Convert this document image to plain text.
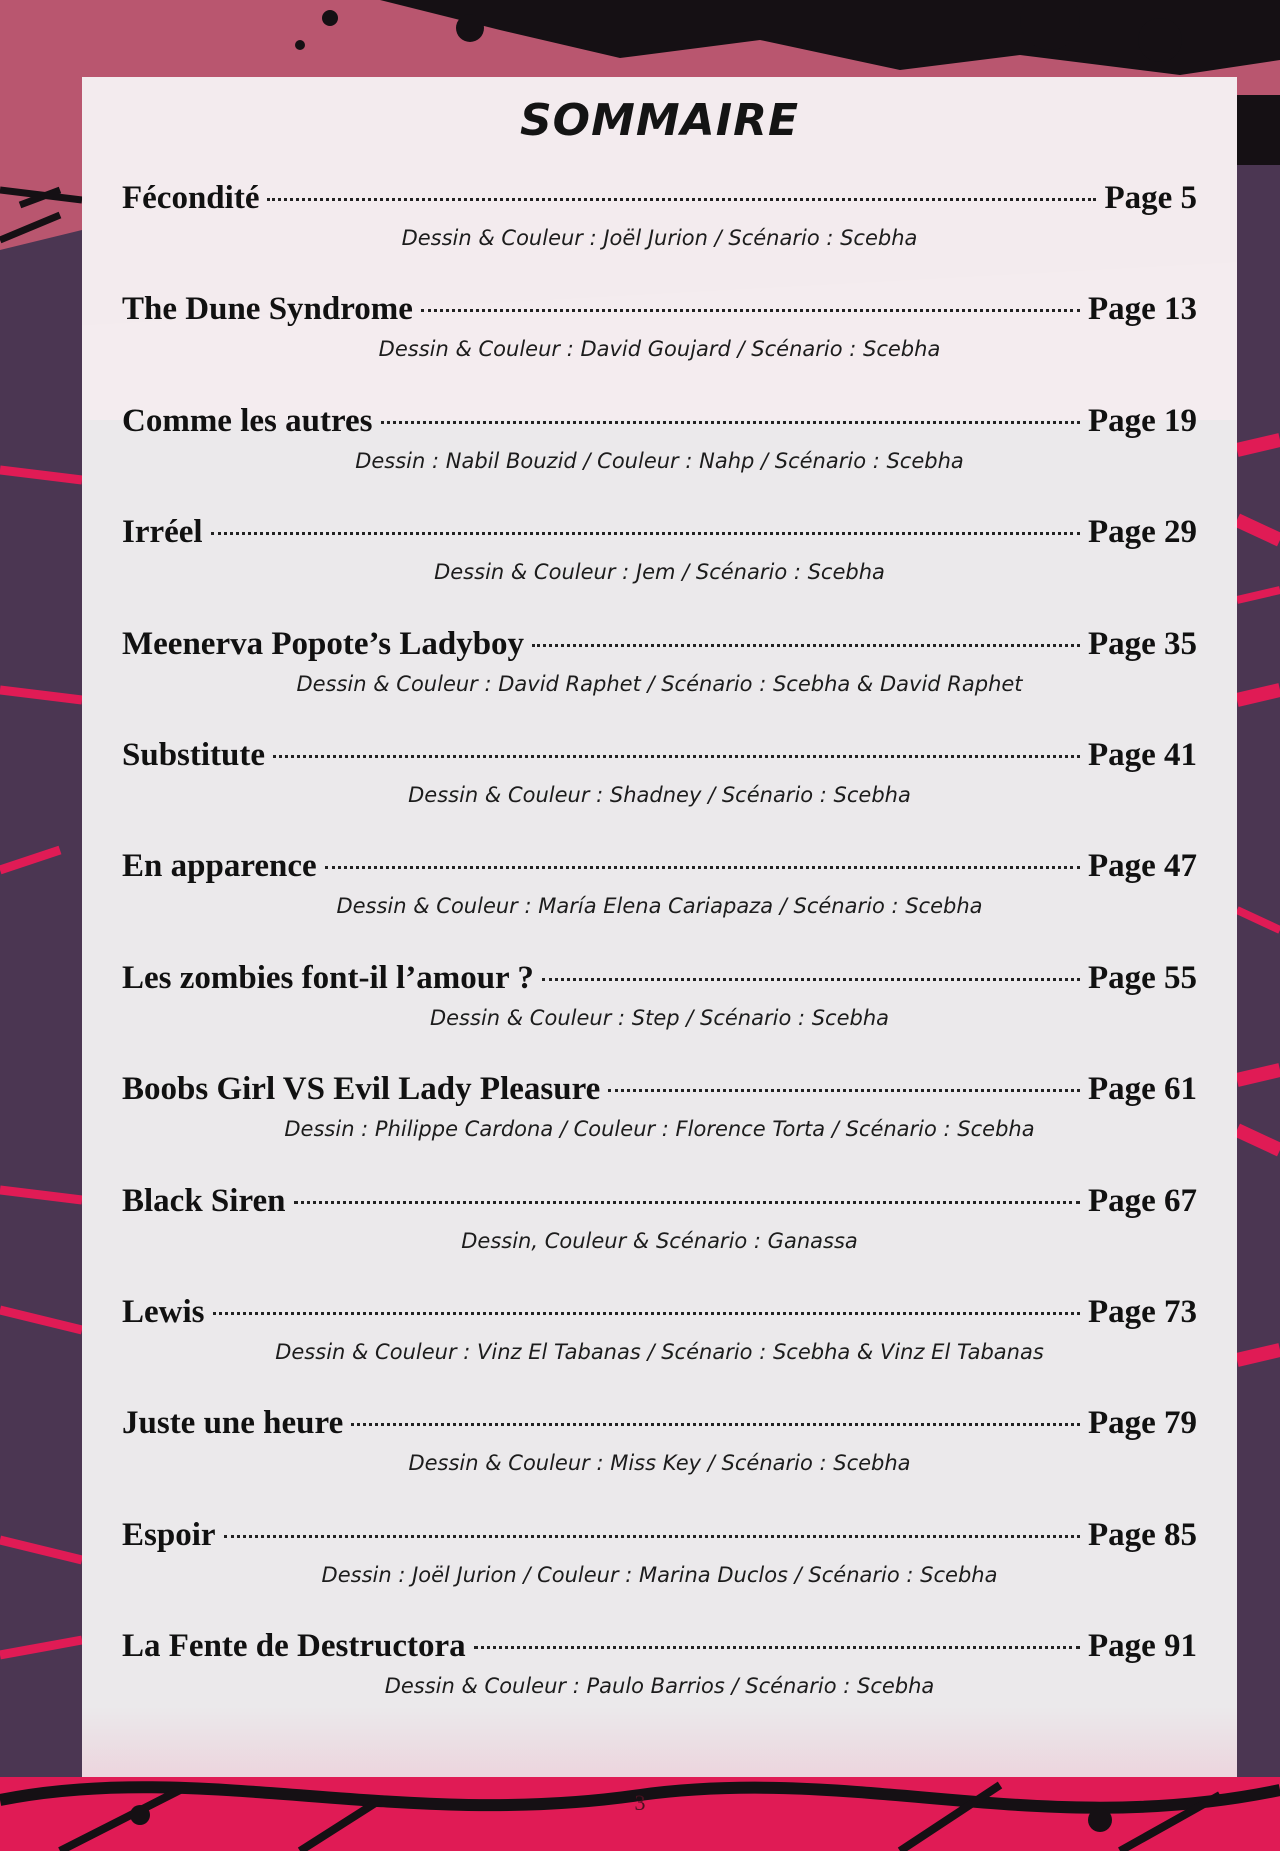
SOMMAIRE
Fécondité	Page 5
Dessin & Couleur : Joël Jurion / Scénario : Scebha
The Dune Syndrome	Page 13
Dessin & Couleur : David Goujard / Scénario : Scebha
Comme les autres	Page 19
Dessin : Nabil Bouzid / Couleur : Nahp / Scénario : Scebha
Irréel	Page 29
Dessin & Couleur : Jem / Scénario : Scebha
Meenerva Popote’s Ladyboy	Page 35
Dessin & Couleur : David Raphet / Scénario : Scebha & David Raphet
Substitute	Page 41
Dessin & Couleur : Shadney / Scénario : Scebha
En apparence	Page 47
Dessin & Couleur : María Elena Cariapaza / Scénario : Scebha
Les zombies font-il l’amour ?	Page 55
Dessin & Couleur : Step / Scénario : Scebha
Boobs Girl VS Evil Lady Pleasure	Page 61
Dessin : Philippe Cardona / Couleur : Florence Torta / Scénario : Scebha
Black Siren	Page 67
Dessin, Couleur & Scénario : Ganassa
Lewis	Page 73
Dessin & Couleur : Vinz El Tabanas / Scénario : Scebha & Vinz El Tabanas
Juste une heure	Page 79
Dessin & Couleur : Miss Key / Scénario : Scebha
Espoir	Page 85
Dessin : Joël Jurion / Couleur : Marina Duclos / Scénario : Scebha
La Fente de Destructora	Page 91
Dessin & Couleur : Paulo Barrios / Scénario : Scebha
3
